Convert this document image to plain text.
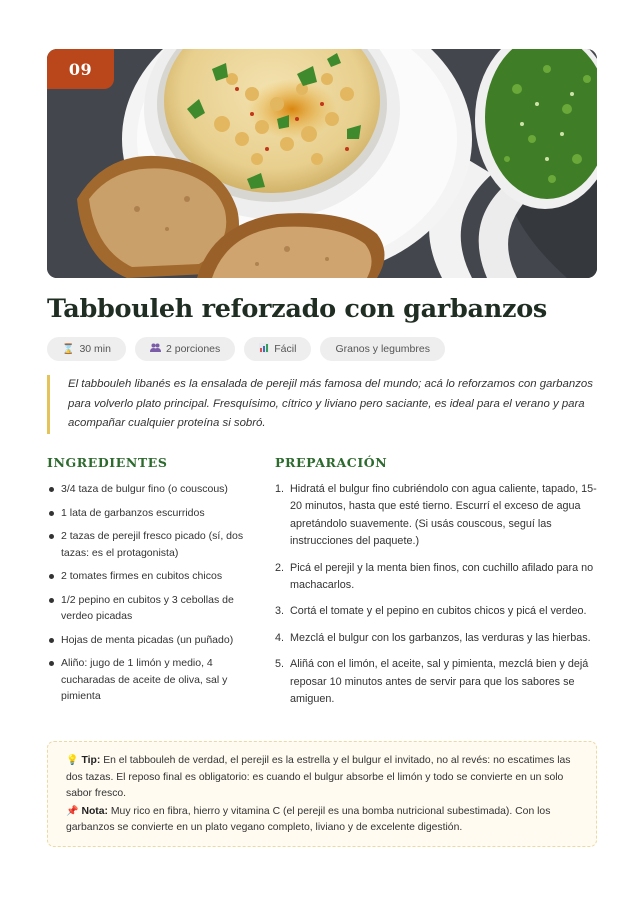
09
Tabbouleh reforzado con garbanzos
⌛ 30 min	2 porciones	Fácil	Granos y legumbres

El tabbouleh libanés es la ensalada de perejil más famosa del mundo; acá lo reforzamos con garbanzos para volverlo plato principal. Fresquísimo, cítrico y liviano pero saciante, es ideal para el verano y para acompañar cualquier proteína si sobró.

INGREDIENTES	PREPARACIÓN
3/4 taza de bulgur fino (o couscous)
1 lata de garbanzos escurridos
2 tazas de perejil fresco picado (sí, dos tazas: es el protagonista)
2 tomates firmes en cubitos chicos
1/2 pepino en cubitos y 3 cebollas de verdeo picadas
Hojas de menta picadas (un puñado)
Aliño: jugo de 1 limón y medio, 4 cucharadas de aceite de oliva, sal y pimienta
1. Hidratá el bulgur fino cubriéndolo con agua caliente, tapado, 15-20 minutos, hasta que esté tierno. Escurrí el exceso de agua apretándolo suavemente. (Si usás couscous, seguí las instrucciones del paquete.)
2. Picá el perejil y la menta bien finos, con cuchillo afilado para no machacarlos.
3. Cortá el tomate y el pepino en cubitos chicos y picá el verdeo.
4. Mezclá el bulgur con los garbanzos, las verduras y las hierbas.
5. Aliñá con el limón, el aceite, sal y pimienta, mezclá bien y dejá reposar 10 minutos antes de servir para que los sabores se amiguen.

💡 Tip: En el tabbouleh de verdad, el perejil es la estrella y el bulgur el invitado, no al revés: no escatimes las dos tazas. El reposo final es obligatorio: es cuando el bulgur absorbe el limón y todo se convierte en un solo sabor fresco.

📌 Nota: Muy rico en fibra, hierro y vitamina C (el perejil es una bomba nutricional subestimada). Con los garbanzos se convierte en un plato vegano completo, liviano y de excelente digestión.
